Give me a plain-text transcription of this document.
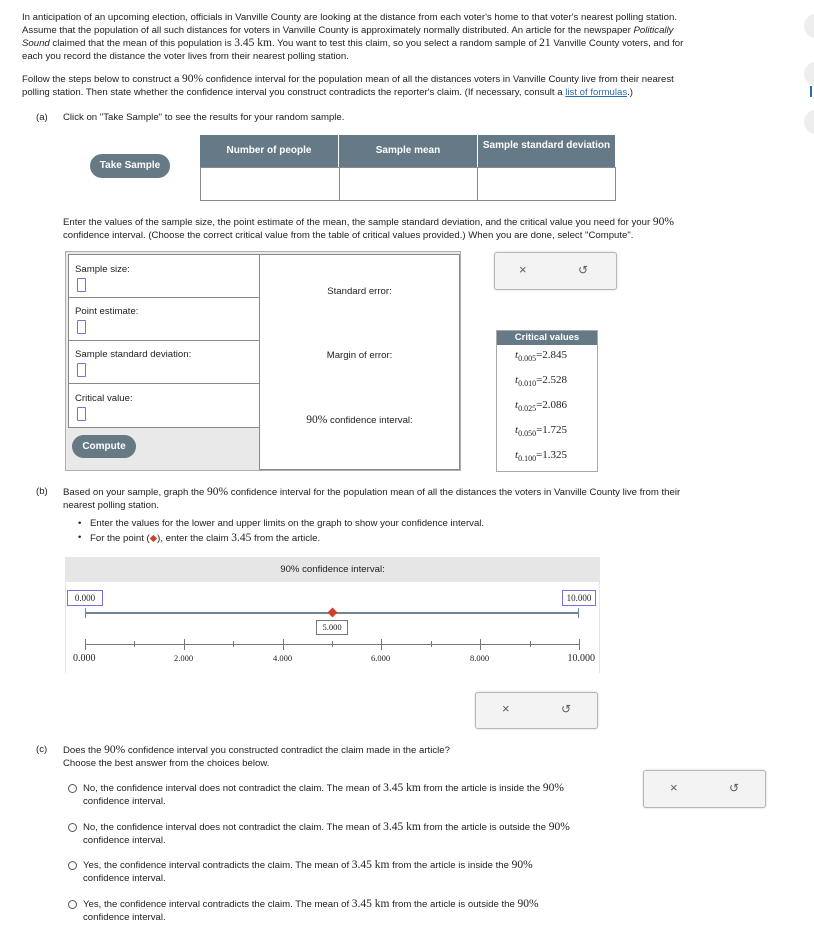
In anticipation of an upcoming election, officials in Vanville County are looking at the distance from each voter's home to that voter's nearest polling station.
Assume that the population of all such distances for voters in Vanville County is approximately normally distributed. An article for the newspaper Politically
Sound claimed that the mean of this population is 3.45 km. You want to test this claim, so you select a random sample of 21 Vanville County voters, and for
each you record the distance the voter lives from their nearest polling station.
Follow the steps below to construct a 90% confidence interval for the population mean of all the distances voters in Vanville County live from their nearest
polling station. Then state whether the confidence interval you construct contradicts the reporter's claim. (If necessary, consult a list of formulas.)
(a) Click on "Take Sample" to see the results for your random sample.
Take Sample
Number of people	Sample mean	Sample standard deviation
Enter the values of the sample size, the point estimate of the mean, the sample standard deviation, and the critical value you need for your 90%
confidence interval. (Choose the correct critical value from the table of critical values provided.) When you are done, select "Compute".
Sample size:
Point estimate:
Sample standard deviation:
Critical value:
Compute
Standard error:
Margin of error:
90% confidence interval:
×	↺
Critical values
$t_{0.005}=2.845$
$t_{0.010}=2.528$
$t_{0.025}=2.086$
$t_{0.050}=1.725$
$t_{0.100}=1.325$
(b) Based on your sample, graph the 90% confidence interval for the population mean of all the distances the voters in Vanville County live from their
nearest polling station.
• Enter the values for the lower and upper limits on the graph to show your confidence interval.
• For the point (◆), enter the claim 3.45 from the article.
90% confidence interval:
0.000	10.000
5.000
0.000	2.000	4.000	6.000	8.000	10.000
×	↺
(c) Does the 90% confidence interval you constructed contradict the claim made in the article?
Choose the best answer from the choices below.
No, the confidence interval does not contradict the claim. The mean of 3.45 km from the article is inside the 90%
confidence interval.
No, the confidence interval does not contradict the claim. The mean of 3.45 km from the article is outside the 90%
confidence interval.
Yes, the confidence interval contradicts the claim. The mean of 3.45 km from the article is inside the 90%
confidence interval.
Yes, the confidence interval contradicts the claim. The mean of 3.45 km from the article is outside the 90%
confidence interval.
×	↺
